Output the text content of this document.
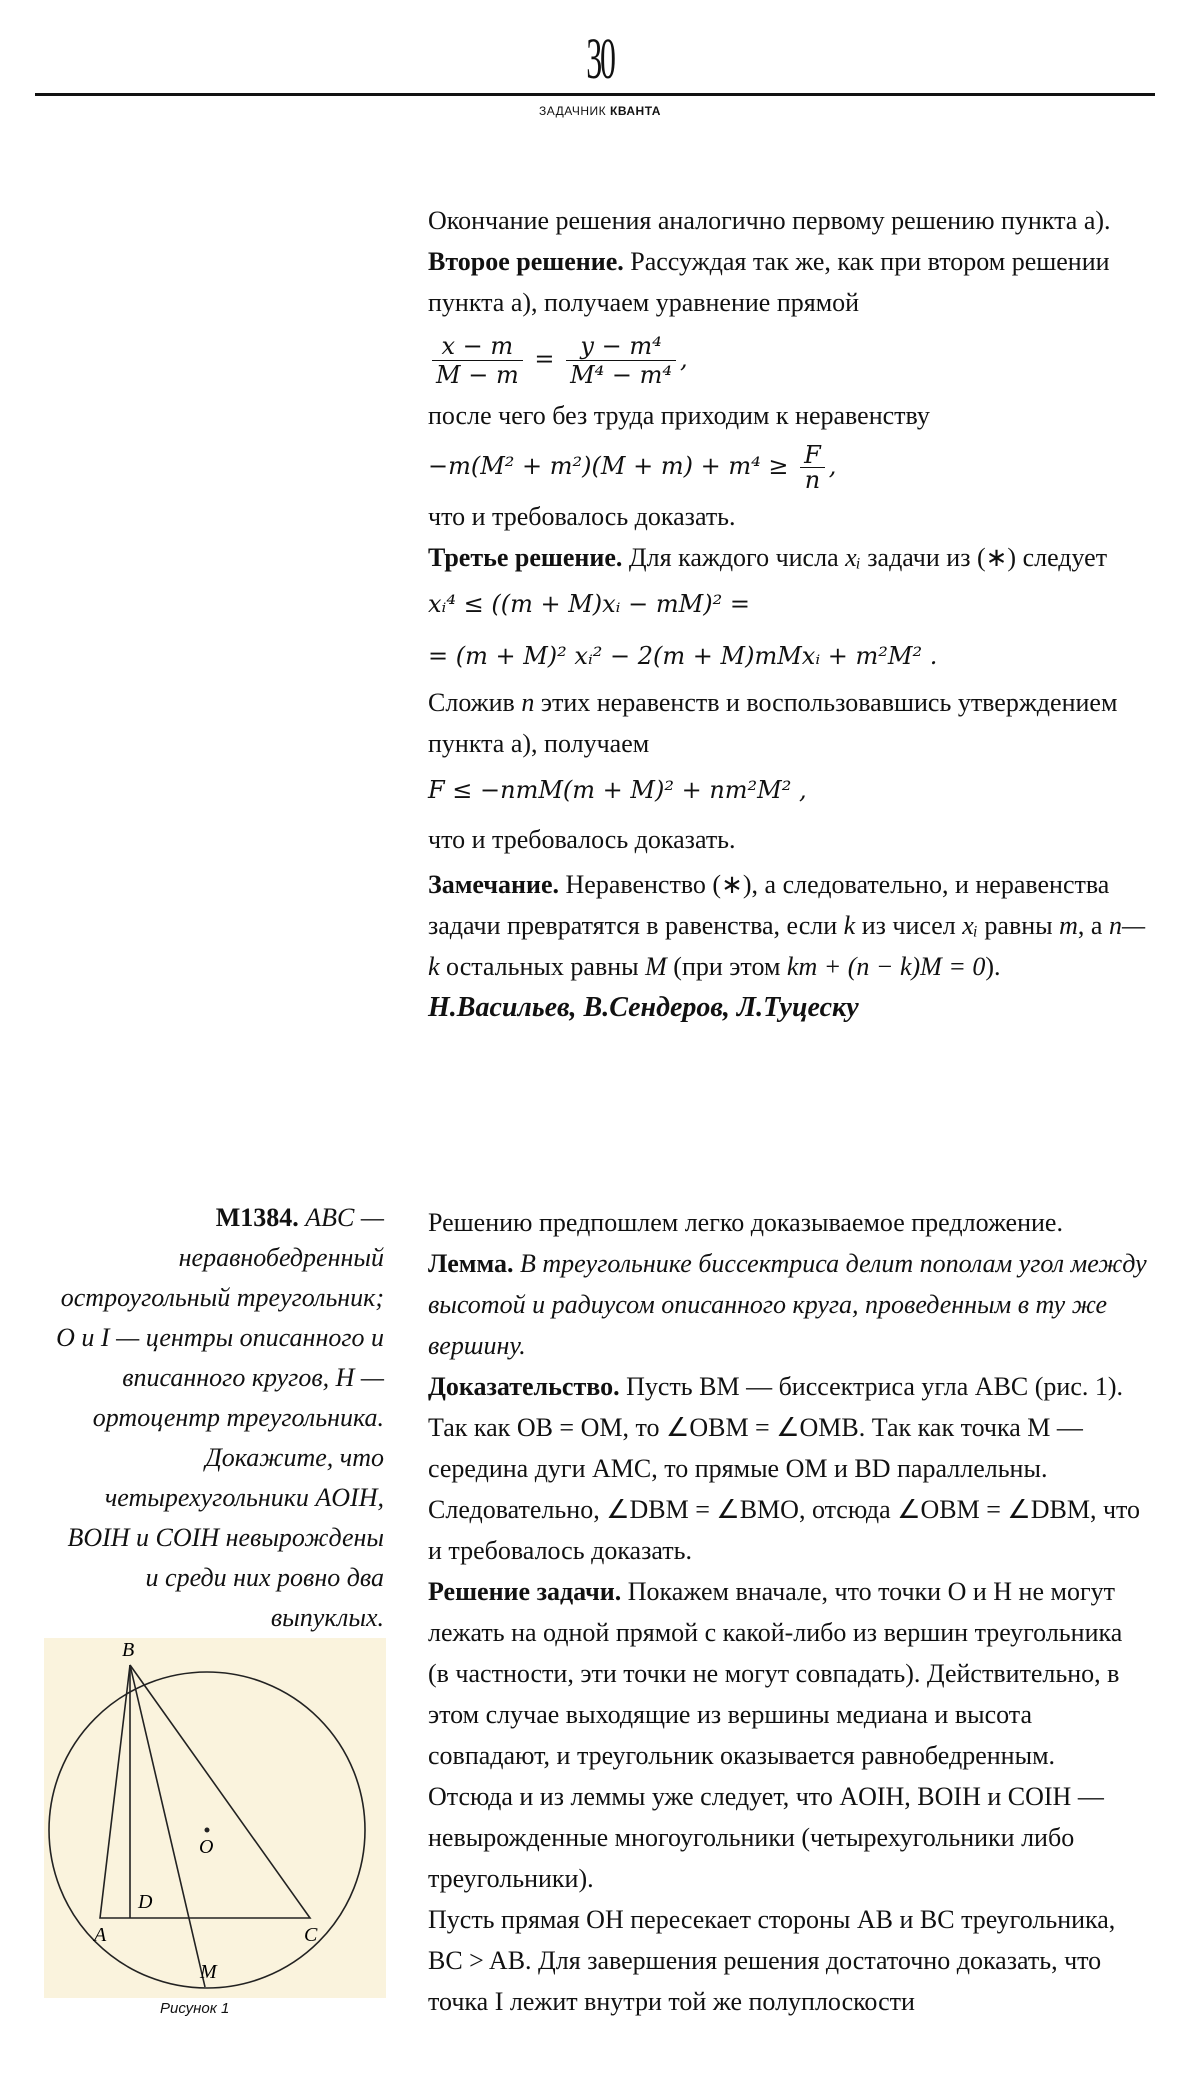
30
ЗАДАЧНИК КВАНТА

Окончание решения аналогично первому решению пункта а).

Второе решение. Рассуждая так же, как при втором решении пункта а), получаем уравнение прямой

$\frac{x - m}{M - m} = \frac{\text{y − m⁴}}{\text{M⁴ − m⁴}}$ ,

после чего без труда приходим к неравенству

$-m(M^2 + m^2)(M + m) + m^4 \ge \frac{F}{n}$ ,

что и требовалось доказать.

Третье решение. Для каждого числа xᵢ задачи из (∗) следует

xᵢ⁴ ≤ ((m + M)xᵢ − mM)² =

= (m + M)² xᵢ² − 2(m + M)mMxᵢ + m²M² .

Сложив n этих неравенств и воспользовавшись утверждением пункта а), получаем

F ≤ −nmM(m + M)² + nm²M² ,

что и требовалось доказать.

Замечание. Неравенство (∗), а следовательно, и неравенства задачи превратятся в равенства, если k из чисел xᵢ равны m, а n—k остальных равны M (при этом km + (n − k)M = 0).

Н.Васильев, В.Сендеров, Л.Туцеску

М1384. ABC — неравнобедренный остроугольный треугольник; O и I — центры описанного и вписанного кругов, H — ортоцентр треугольника. Докажите, что четырехугольники AOIH, BOIH и COIH невырождены и среди них ровно два выпуклых.

Решению предпошлем легко доказываемое предложение.

Лемма. В треугольнике биссектриса делит пополам угол между высотой и радиусом описанного круга, проведенным в ту же вершину.

Доказательство. Пусть BM — биссектриса угла ABC (рис. 1). Так как OB = OM, то ∠OBM = ∠OMB. Так как точка M — середина дуги AMC, то прямые OM и BD параллельны. Следовательно, ∠DBM = ∠BMO, отсюда ∠OBM = ∠DBM, что и требовалось доказать.

Решение задачи. Покажем вначале, что точки O и H не могут лежать на одной прямой с какой-либо из вершин треугольника (в частности, эти точки не могут совпадать). Действительно, в этом случае выходящие из вершины медиана и высота совпадают, и треугольник оказывается равнобедренным.

Отсюда и из леммы уже следует, что AOIH, BOIH и COIH — невырожденные многоугольники (четырехугольники либо треугольники).

Пусть прямая OH пересекает стороны AB и BC треугольника, BC > AB. Для завершения решения достаточно доказать, что точка I лежит внутри той же полуплоскости

B
O
D
A	C
M
Рисунок 1
